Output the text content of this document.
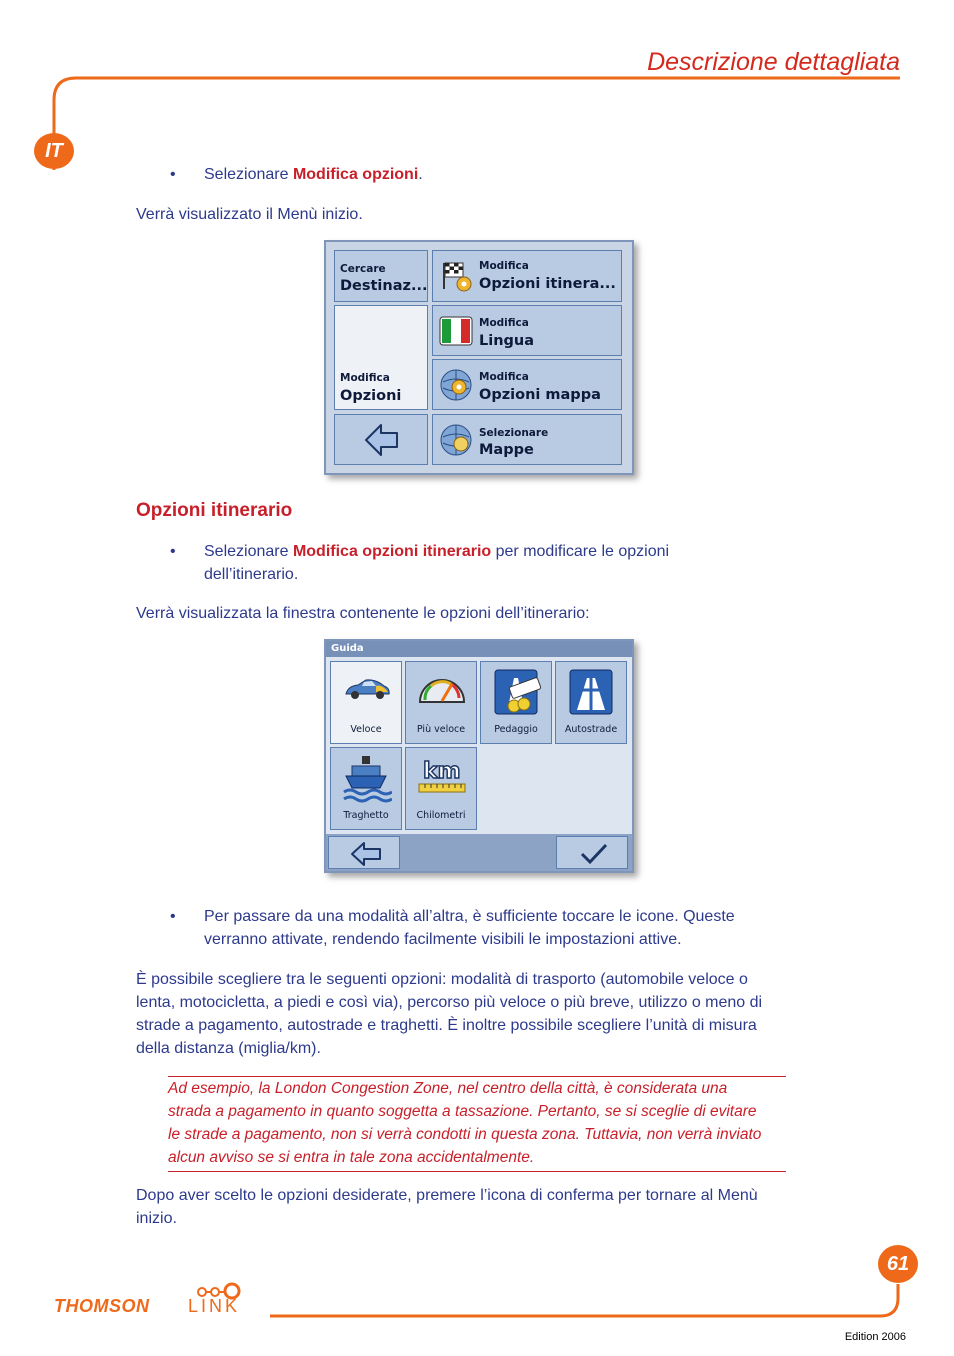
Descrizione dettagliata
IT
• Selezionare Modifica opzioni.
Verrà visualizzato il Menù inizio.
Cercare
Destinaz...
Modifica
Opzioni itinera...
Modifica
Lingua
Modifica
Opzioni
Modifica
Opzioni mappa
Selezionare
Mappe
Opzioni itinerario
• Selezionare Modifica opzioni itinerario per modificare le opzioni
dell’itinerario.
Verrà visualizzata la finestra contenente le opzioni dell’itinerario:
Guida
Veloce	Più veloce	Pedaggio	Autostrade
Traghetto
km
Chilometri
• Per passare da una modalità all’altra, è sufficiente toccare le icone. Queste
verranno attivate, rendendo facilmente visibili le impostazioni attive.
È possibile scegliere tra le seguenti opzioni: modalità di trasporto (automobile veloce o
lenta, motocicletta, a piedi e così via), percorso più veloce o più breve, utilizzo o meno di
strade a pagamento, autostrade e traghetti. È inoltre possibile scegliere l’unità di misura
della distanza (miglia/km).
Ad esempio, la London Congestion Zone, nel centro della città, è considerata una
strada a pagamento in quanto soggetta a tassazione. Pertanto, se si sceglie di evitare
le strade a pagamento, non si verrà condotti in questa zona. Tuttavia, non verrà inviato
alcun avviso se si entra in tale zona accidentalmente.
Dopo aver scelto le opzioni desiderate, premere l’icona di conferma per tornare al Menù
inizio.
61
THOMSON LINK
Edition 2006
